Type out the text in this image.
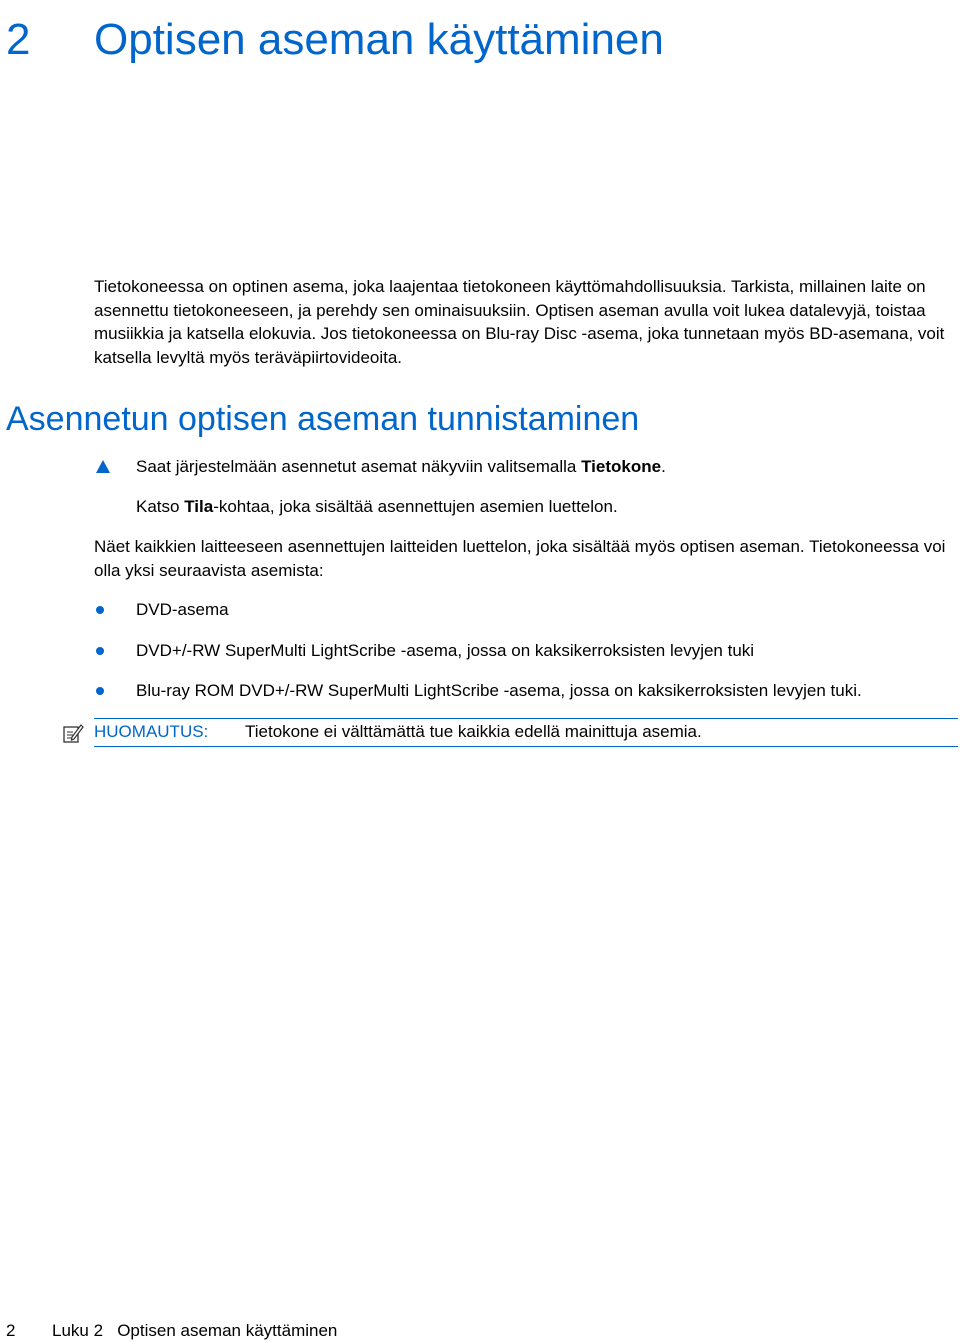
2 Optisen aseman käyttäminen

Tietokoneessa on optinen asema, joka laajentaa tietokoneen käyttömahdollisuuksia. Tarkista, millainen laite on asennettu tietokoneeseen, ja perehdy sen ominaisuuksiin. Optisen aseman avulla voit lukea datalevyjä, toistaa musiikkia ja katsella elokuvia. Jos tietokoneessa on Blu-ray Disc -asema, joka tunnetaan myös BD-asemana, voit katsella levyltä myös teräväpiirtovideoita.

Asennetun optisen aseman tunnistaminen
Saat järjestelmään asennetut asemat näkyviin valitsemalla Tietokone.
Katso Tila-kohtaa, joka sisältää asennettujen asemien luettelon.

Näet kaikkien laitteeseen asennettujen laitteiden luettelon, joka sisältää myös optisen aseman. Tietokoneessa voi olla yksi seuraavista asemista:

DVD-asema
DVD+/-RW SuperMulti LightScribe -asema, jossa on kaksikerroksisten levyjen tuki
Blu-ray ROM DVD+/-RW SuperMulti LightScribe -asema, jossa on kaksikerroksisten levyjen tuki.
HUOMAUTUS: Tietokone ei välttämättä tue kaikkia edellä mainittuja asemia.
2 Luku 2   Optisen aseman käyttäminen
